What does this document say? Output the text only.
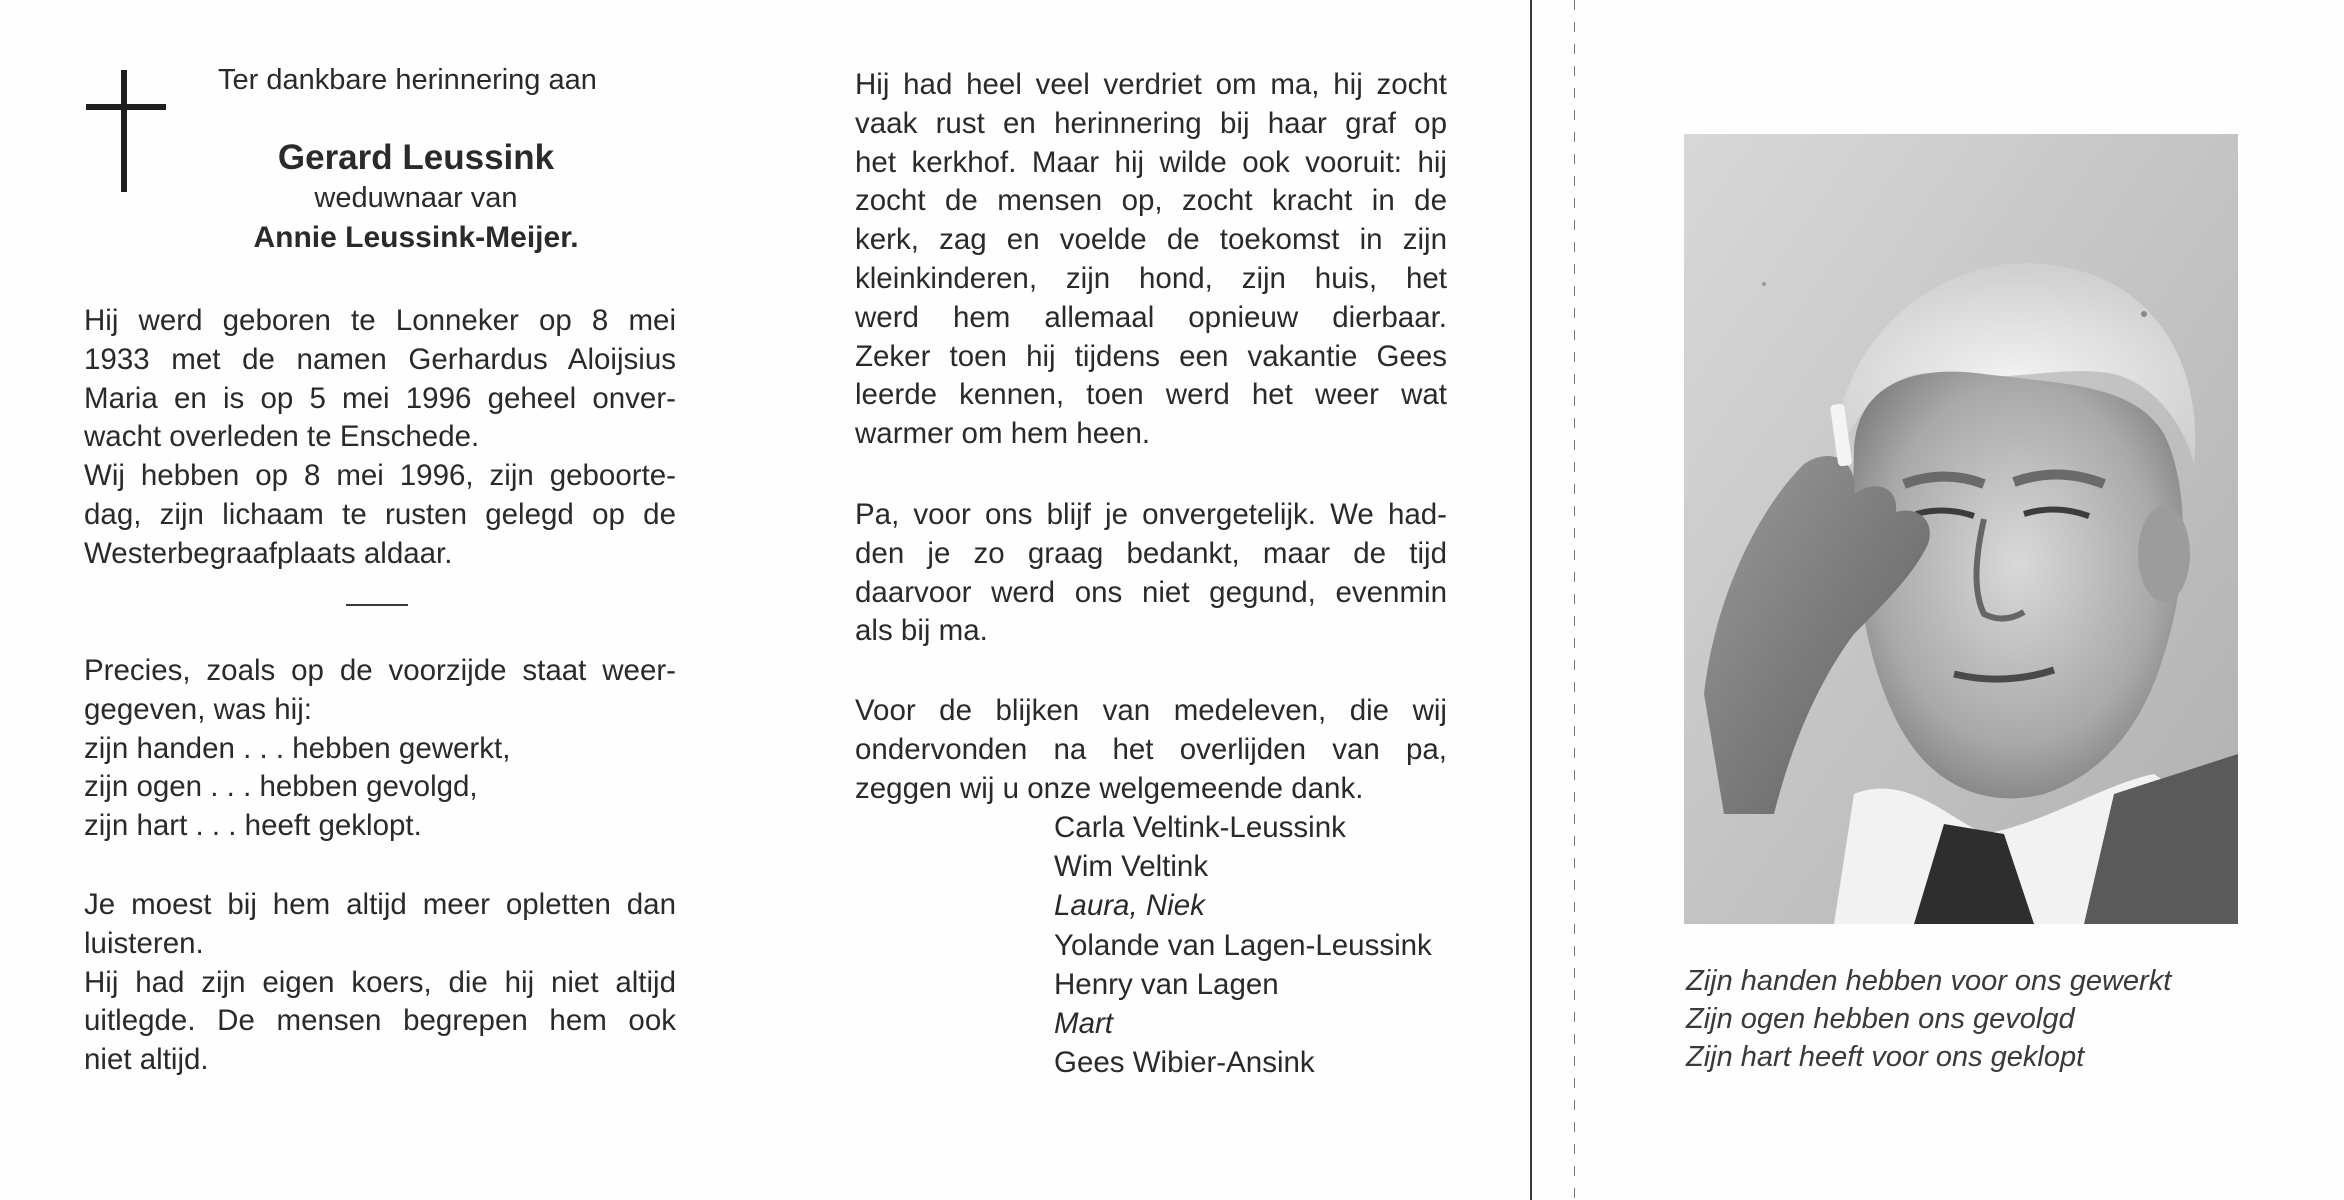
Ter dankbare herinnering aan
Gerard Leussink
weduwnaar van
Annie Leussink-Meijer.
Hij werd geboren te Lonneker op 8 mei
1933 met de namen Gerhardus Aloijsius
Maria en is op 5 mei 1996 geheel onver-
wacht overleden te Enschede.
Wij hebben op 8 mei 1996, zijn geboorte-
dag, zijn lichaam te rusten gelegd op de
Westerbegraafplaats aldaar.
Precies, zoals op de voorzijde staat weer-
gegeven, was hij:
zijn handen . . . hebben gewerkt,
zijn ogen . . . hebben gevolgd,
zijn hart . . . heeft geklopt.
Je moest bij hem altijd meer opletten dan
luisteren.
Hij had zijn eigen koers, die hij niet altijd
uitlegde. De mensen begrepen hem ook
niet altijd.
Hij had heel veel verdriet om ma, hij zocht
vaak rust en herinnering bij haar graf op
het kerkhof. Maar hij wilde ook vooruit: hij
zocht de mensen op, zocht kracht in de
kerk, zag en voelde de toekomst in zijn
kleinkinderen, zijn hond, zijn huis, het
werd hem allemaal opnieuw dierbaar.
Zeker toen hij tijdens een vakantie Gees
leerde kennen, toen werd het weer wat
warmer om hem heen.
Pa, voor ons blijf je onvergetelijk. We had-
den je zo graag bedankt, maar de tijd
daarvoor werd ons niet gegund, evenmin
als bij ma.
Voor de blijken van medeleven, die wij
ondervonden na het overlijden van pa,
zeggen wij u onze welgemeende dank.
Carla Veltink-Leussink
Wim Veltink
Laura, Niek
Yolande van Lagen-Leussink
Henry van Lagen
Mart
Gees Wibier-Ansink
Zijn handen hebben voor ons gewerkt
Zijn ogen hebben ons gevolgd
Zijn hart heeft voor ons geklopt
